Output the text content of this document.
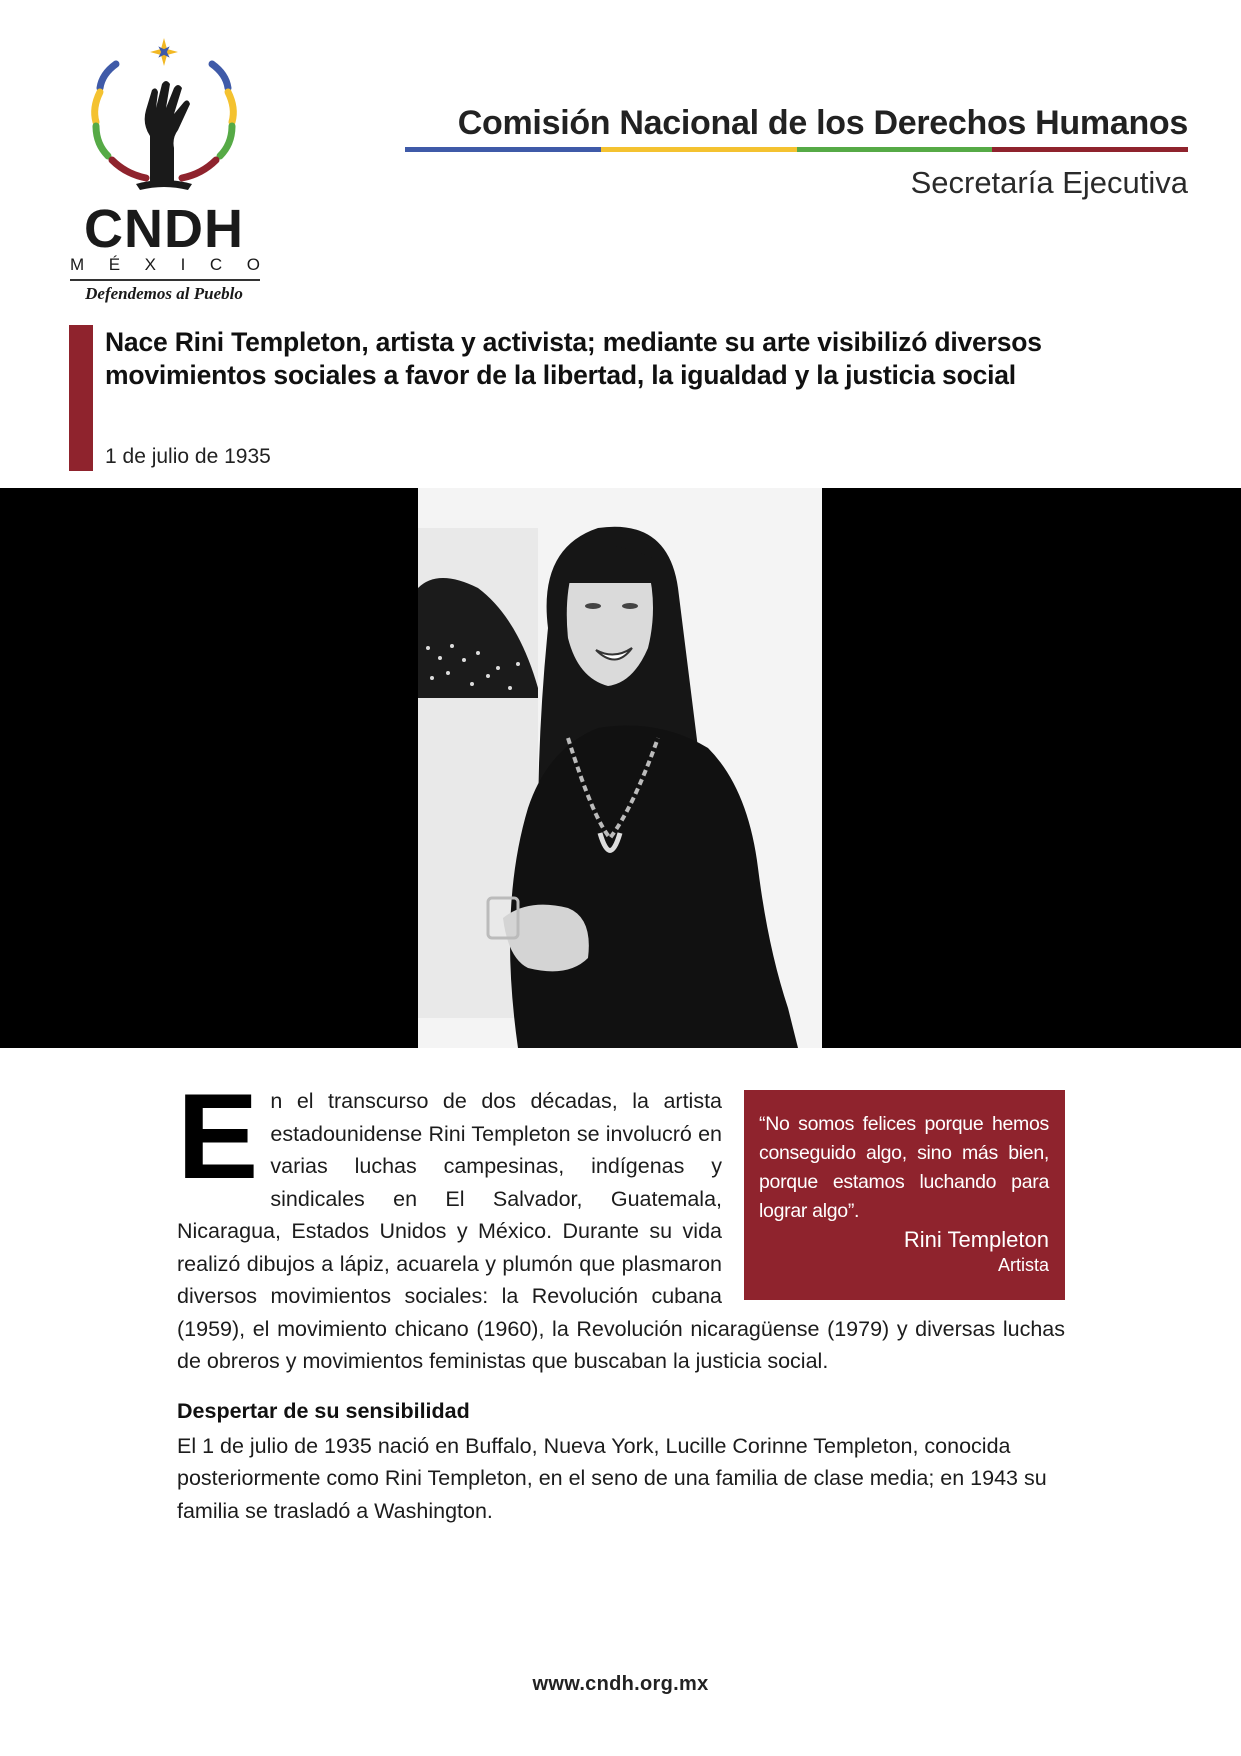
CNDH
M É X I C O
Defendemos al Pueblo
Comisión Nacional de los Derechos Humanos
Secretaría Ejecutiva
Nace Rini Templeton, artista y activista; mediante su arte visibilizó diversos movimientos sociales a favor de la libertad, la igualdad y la justicia social
1 de julio de 1935

“No somos felices porque hemos conseguido algo, sino más bien, porque estamos luchando para lograr algo”.

Rini Templeton

Artista

E n el transcurso de dos décadas, la artista estadounidense Rini Templeton se involucró en varias luchas campesinas, indígenas y sindicales en El Salvador, Guatemala, Nicaragua, Estados Unidos y México. Durante su vida realizó dibujos a lápiz, acuarela y plumón que plasmaron diversos movimientos sociales: la Revolución cubana (1959), el movimiento chicano (1960), la Revolución nicaragüense (1979) y diversas luchas de obreros y movimientos feministas que buscaban la justicia social.

Despertar de su sensibilidad

El 1 de julio de 1935 nació en Buffalo, Nueva York, Lucille Corinne Templeton, conocida posteriormente como Rini Templeton, en el seno de una familia de clase media; en 1943 su familia se trasladó a Washington.

www.cndh.org.mx
